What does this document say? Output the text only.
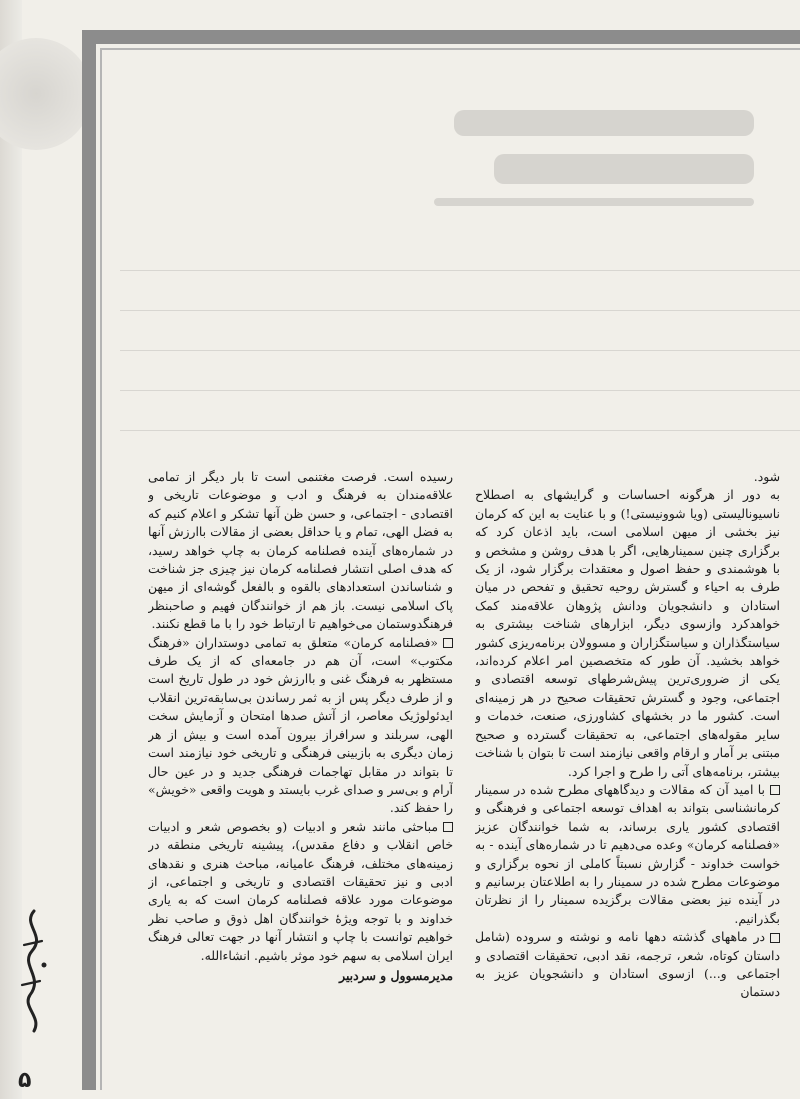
شود.

به دور از هرگونه احساسات و گرایشهای به اصطلاح ناسیونالیستی (ویا شوونیستی!) و با عنایت به این که کرمان نیز بخشی از میهن اسلامی است، باید اذعان کرد که برگزاری چنین سمینارهایی، اگر با هدف روشن و مشخص و با هوشمندی و حفظ اصول و معتقدات برگزار شود، از یک طرف به احیاء و گسترش روحیه تحقیق و تفحص در میان استادان و دانشجویان ودانش پژوهان علاقه‌مند کمک خواهدکرد وازسوی دیگر، ابزارهای شناخت بیشتری به سیاستگذاران و سیاستگزاران و مسوولان برنامه‌ریزی کشور خواهد بخشید. آن طور که متخصصین امر اعلام کرده‌اند، یکی از ضروری‌ترین پیش‌شرطهای توسعه اقتصادی و اجتماعی، وجود و گسترش تحقیقات صحیح در هر زمینه‌ای است. کشور ما در بخشهای کشاورزی، صنعت، خدمات و سایر مقوله‌های اجتماعی، به تحقیقات گسترده و صحیح مبتنی بر آمار و ارقام واقعی نیازمند است تا بتوان با شناخت بیشتر، برنامه‌های آتی را طرح و اجرا کرد.

با امید آن که مقالات و دیدگاههای مطرح شده در سمینار کرمانشناسی بتواند به اهداف توسعه اجتماعی و فرهنگی و اقتصادی کشور یاری برساند، به شما خوانندگان عزیز «فصلنامه کرمان» وعده می‌دهیم تا در شماره‌های آینده - به خواست خداوند - گزارش نسبتاً کاملی از نحوه برگزاری و موضوعات مطرح شده در سمینار را به اطلاعتان برسانیم و در آینده نیز بعضی مقالات برگزیده سمینار را از نظرتان بگذرانیم.

در ماههای گذشته دهها نامه و نوشته و سروده (شامل داستان کوتاه، شعر، ترجمه، نقد ادبی، تحقیقات اقتصادی و اجتماعی و...) ازسوی استادان و دانشجویان عزیز به دستمان

رسیده است. فرصت مغتنمی است تا بار دیگر از تمامی علاقه‌مندان به فرهنگ و ادب و موضوعات تاریخی و اقتصادی - اجتماعی، و حسن ظن آنها تشکر و اعلام کنیم که به فضل الهی، تمام و یا حداقل بعضی از مقالات باارزش آنها در شماره‌های آینده فصلنامه کرمان به چاپ خواهد رسید، که هدف اصلی انتشار فصلنامه کرمان نیز چیزی جز شناخت و شناساندن استعدادهای بالقوه و بالفعل گوشه‌ای از میهن پاک اسلامی نیست. باز هم از خوانندگان فهیم و صاحبنظر فرهنگدوستمان می‌خواهیم تا ارتباط خود را با ما قطع نکنند.

«فصلنامه کرمان» متعلق به تمامی دوستداران «فرهنگ مکتوب» است، آن هم در جامعه‌ای که از یک طرف مستظهر به فرهنگ غنی و باارزش خود در طول تاریخ است و از طرف دیگر پس از به ثمر رساندن بی‌سابقه‌ترین انقلاب ایدئولوژیک معاصر، از آتش صدها امتحان و آزمایش سخت الهی، سربلند و سرافراز بیرون آمده است و بیش از هر زمان دیگری به بازبینی فرهنگی و تاریخی خود نیازمند است تا بتواند در مقابل تهاجمات فرهنگی جدید و در عین حال آرام و بی‌سر و صدای غرب بایستد و هویت واقعی «خویش» را حفظ کند.

مباحثی مانند شعر و ادبیات (و بخصوص شعر و ادبیات خاص انقلاب و دفاع مقدس)، پیشینه تاریخی منطقه در زمینه‌های مختلف، فرهنگ عامیانه، مباحث هنری و نقدهای ادبی و نیز تحقیقات اقتصادی و تاریخی و اجتماعی، از موضوعات مورد علاقه فصلنامه کرمان است که به یاری خداوند و با توجه ویژهٔ خوانندگان اهل ذوق و صاحب نظر خواهیم توانست با چاپ و انتشار آنها در جهت تعالی فرهنگ ایران اسلامی به سهم خود موثر باشیم. انشاءالله.

مدیرمسوول و سردبیر

۵
